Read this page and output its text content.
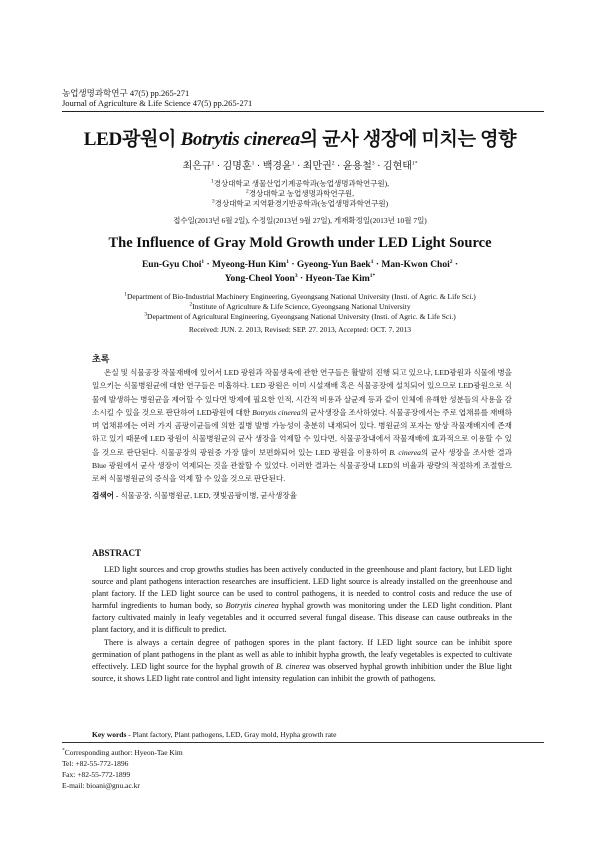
농업생명과학연구 47(5) pp.265-271
Journal of Agriculture & Life Science 47(5) pp.265-271
LED광원이 Botrytis cinerea의 균사 생장에 미치는 영향
최은규$^1$ · 김명훈$^1$ · 백경윤$^1$ · 최만권$^2$ · 윤용철$^3$ · 김현태$^{1*}$
$^1$경상대학교 생물산업기계공학과(농업생명과학연구원),
$^2$경상대학교 농업생명과학연구원,
$^3$경상대학교 지역환경기반공학과(농업생명과학연구원)
접수일(2013년 6월 2일), 수정일(2013년 9월 27일), 게재확정일(2013년 10월 7일)
The Influence of Gray Mold Growth under LED Light Source
Eun-Gyu Choi$^1$ · Myeong-Hun Kim$^1$ · Gyeong-Yun Baek$^1$ · Man-Kwon Choi$^2$ ·
Yong-Cheol Yoon$^3$ · Hyeon-Tae Kim$^{1*}$
$^1$Department of Bio-Industrial Machinery Engineering, Gyeongsang National University (Insti. of Agric. & Life Sci.)
$^2$Institute of Agriculture & Life Science, Gyeongsang National University
$^3$Department of Agricultural Engineering, Gyeongsang National University (Insti. of Agric. & Life Sci.)
Received: JUN. 2. 2013, Revised: SEP. 27. 2013, Accepted: OCT. 7. 2013
초록

온실 및 식물공장 작물재배에 있어서 LED 광원과 작물생육에 관한 연구들은 활발히 진행 되고 있으나, LED광원과 식물에 병을 일으키는 식물병원균에 대한 연구들은 미흡하다. LED 광원은 이미 시설재배 혹은 식물공장에 설치되어 있으므로 LED광원으로 식물에 발생하는 병원균을 제어할 수 있다면 방제에 필요한 인적, 시간적 비용과 살균제 등과 같이 인체에 유해한 성분들의 사용을 감소시킬 수 있을 것으로 판단하여 LED광원에 대한 Botrytis cinerea의 균사생장을 조사하였다. 식물공장에서는 주로 엽채류를 재배하며 엽채류에는 여러 가지 곰팡이균들에 의한 질병 발병 가능성이 충분히 내재되어 있다. 병원균의 포자는 항상 작물재배지에 존재하고 있기 때문에 LED 광원이 식물병원균의 균사 생장을 억제할 수 있다면, 식물공장내에서 작물재배에 효과적으로 이용할 수 있을 것으로 판단된다. 식물공장의 광원중 가장 많이 보편화되어 있는 LED 광원을 이용하여 B. cinerea의 균사 생장을 조사한 결과 Blue 광원에서 균사 생장이 억제되는 것을 관찰할 수 있었다. 이러한 결과는 식물공장내 LED의 비율과 광량의 적절하게 조절함으로써 식물병원균의 증식을 억제 할 수 있을 것으로 판단된다.

검색어 - 식물공장, 식물병원균, LED, 잿빛곰팡이병, 균사생장율
ABSTRACT

LED light sources and crop growths studies has been actively conducted in the greenhouse and plant factory, but LED light source and plant pathogens interaction researches are insufficient. LED light source is already installed on the greenhouse and plant factory. If the LED light source can be used to control pathogens, it is needed to control costs and reduce the use of harmful ingredients to human body, so Botrytis cinerea hyphal growth was monitoring under the LED light condition. Plant factory cultivated mainly in leafy vegetables and it occurred several fungal disease. This disease can cause outbreaks in the plant factory, and it is difficult to predict.

There is always a certain degree of pathogen spores in the plant factory. If LED light source can be inhibit spore germination of plant pathogens in the plant as well as able to inhibit hypha growth, the leafy vegetables is expected to cultivate effectively. LED light source for the hyphal growth of B. cinerea was observed hyphal growth inhibition under the Blue light source, it shows LED light rate control and light intensity regulation can inhibit the growth of pathogens.

Key words - Plant factory, Plant pathogens, LED, Gray mold, Hypha growth rate
*Corresponding author: Hyeon-Tae Kim
Tel: +82-55-772-1896
Fax: +82-55-772-1899
E-mail: bioani@gnu.ac.kr
